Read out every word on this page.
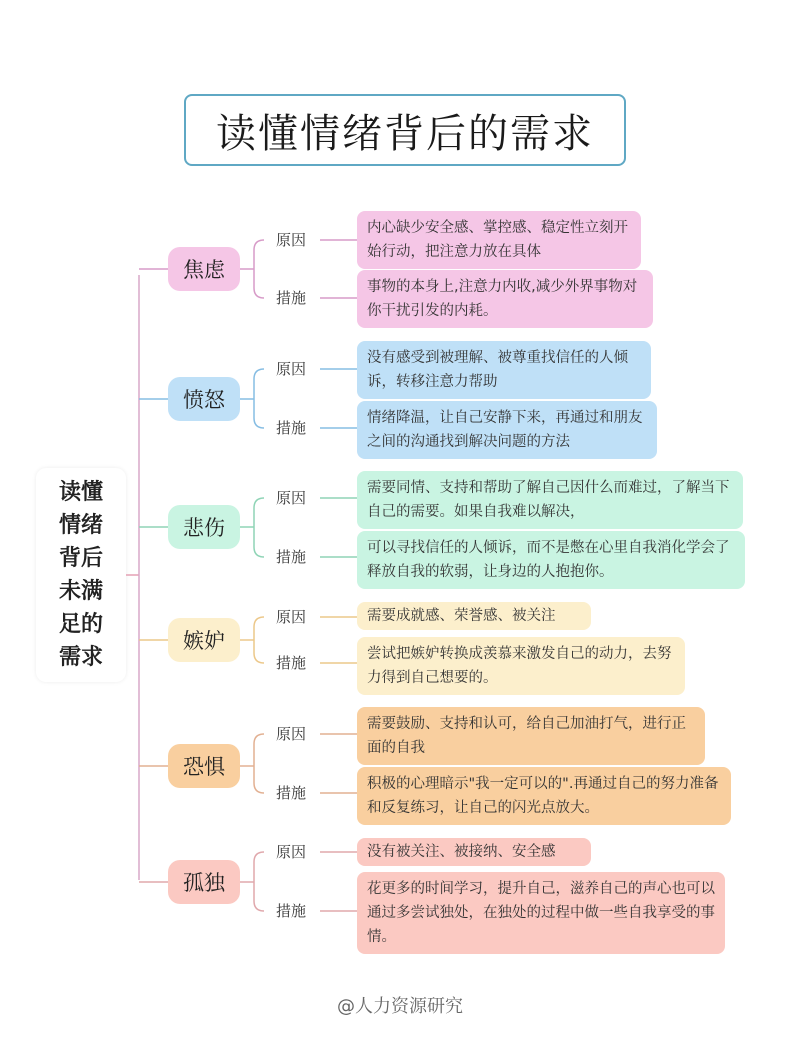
读懂情绪背后的需求
读懂
情绪
背后
未满
足的
需求
焦虑
原因
措施
内心缺少安全感、掌控感、稳定性立刻开始行动，把注意力放在具体
事物的本身上,注意力内收,减少外界事物对你干扰引发的内耗。
愤怒
原因
措施
没有感受到被理解、被尊重找信任的人倾诉，转移注意力帮助
情绪降温，让自己安静下来，再通过和朋友之间的沟通找到解决问题的方法
悲伤
原因
措施
需要同情、支持和帮助了解自己因什么而难过，了解当下自己的需要。如果自我难以解决，
可以寻找信任的人倾诉，而不是憋在心里自我消化学会了释放自我的软弱，让身边的人抱抱你。
嫉妒
原因
措施
需要成就感、荣誉感、被关注
尝试把嫉妒转换成羡慕来激发自己的动力，去努力得到自己想要的。
恐惧
原因
措施
需要鼓励、支持和认可，给自己加油打气，进行正面的自我
积极的心理暗示"我一定可以的".再通过自己的努力准备和反复练习，让自己的闪光点放大。
孤独
原因
措施
没有被关注、被接纳、安全感
花更多的时间学习，提升自己，滋养自己的声心也可以通过多尝试独处，在独处的过程中做一些自我享受的事情。
@人力资源研究
